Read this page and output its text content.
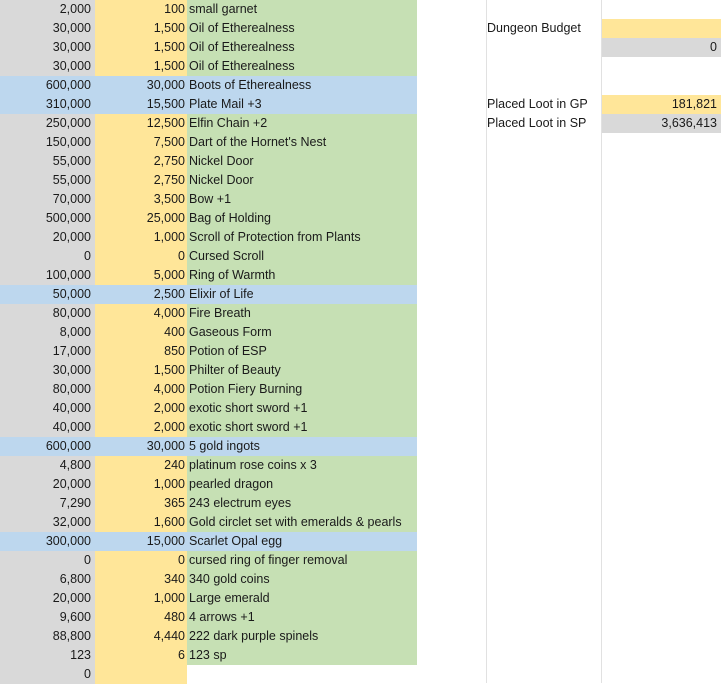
2,000	100 small garnet
30,000	1,500 Oil of Etherealness
30,000	1,500 Oil of Etherealness
30,000	1,500 Oil of Etherealness
600,000	30,000 Boots of Etherealness
310,000	15,500 Plate Mail +3
250,000	12,500 Elfin Chain +2
150,000	7,500 Dart of the Hornet's Nest
55,000	2,750 Nickel Door
55,000	2,750 Nickel Door
70,000	3,500 Bow +1
500,000	25,000 Bag of Holding
20,000	1,000 Scroll of Protection from Plants
0	0 Cursed Scroll
100,000	5,000 Ring of Warmth
50,000	2,500 Elixir of Life
80,000	4,000 Fire Breath
8,000	400 Gaseous Form
17,000	850 Potion of ESP
30,000	1,500 Philter of Beauty
80,000	4,000 Potion Fiery Burning
40,000	2,000 exotic short sword +1
40,000	2,000 exotic short sword +1
600,000	30,000 5 gold ingots
4,800	240 platinum rose coins x 3
20,000	1,000 pearled dragon
7,290	365 243 electrum eyes
32,000	1,600 Gold circlet set with emeralds & pearls
300,000	15,000 Scarlet Opal egg
0	0 cursed ring of finger removal
6,800	340 340 gold coins
20,000	1,000 Large emerald
9,600	480 4 arrows +1
88,800	4,440 222 dark purple spinels
123	6 123 sp
0
Dungeon Budget
0
Placed Loot in GP	181,821
Placed Loot in SP	3,636,413
